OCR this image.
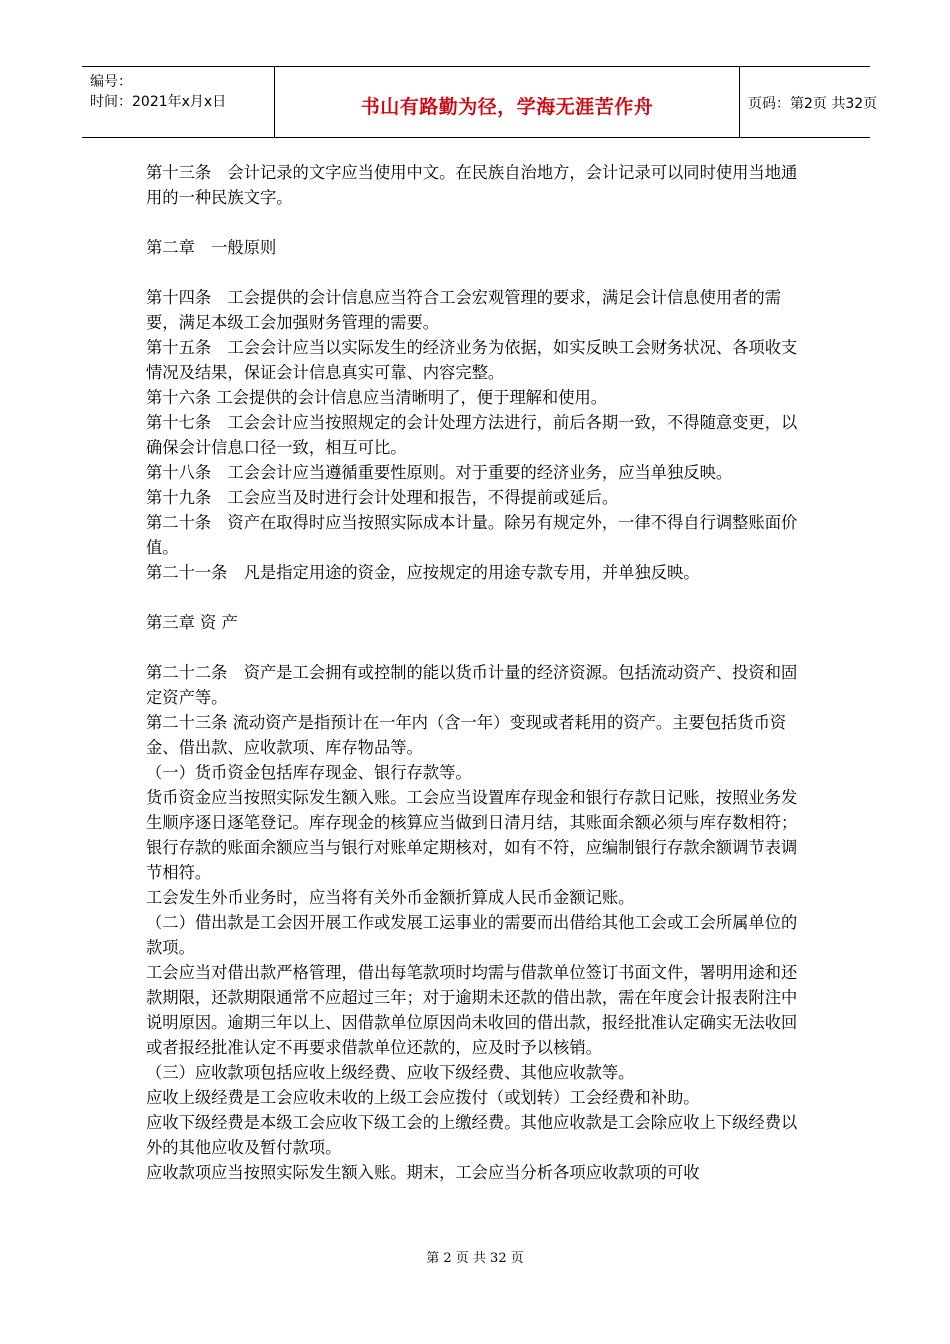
编号：
时间：2021年x月x日	书山有路勤为径，学海无涯苦作舟	页码：第2页 共32页

第十三条　会计记录的文字应当使用中文。在民族自治地方，会计记录可以同时使用当地通用的一种民族文字。

第二章　一般原则

第十四条　工会提供的会计信息应当符合工会宏观管理的要求，满足会计信息使用者的需要，满足本级工会加强财务管理的需要。

第十五条　工会会计应当以实际发生的经济业务为依据，如实反映工会财务状况、各项收支情况及结果，保证会计信息真实可靠、内容完整。

第十六条 工会提供的会计信息应当清晰明了，便于理解和使用。

第十七条　工会会计应当按照规定的会计处理方法进行，前后各期一致，不得随意变更，以确保会计信息口径一致，相互可比。

第十八条　工会会计应当遵循重要性原则。对于重要的经济业务，应当单独反映。

第十九条　工会应当及时进行会计处理和报告，不得提前或延后。

第二十条　资产在取得时应当按照实际成本计量。除另有规定外，一律不得自行调整账面价值。

第二十一条　凡是指定用途的资金，应按规定的用途专款专用，并单独反映。

第三章 资 产

第二十二条　资产是工会拥有或控制的能以货币计量的经济资源。包括流动资产、投资和固定资产等。

第二十三条 流动资产是指预计在一年内（含一年）变现或者耗用的资产。主要包括货币资金、借出款、应收款项、库存物品等。

（一）货币资金包括库存现金、银行存款等。

货币资金应当按照实际发生额入账。工会应当设置库存现金和银行存款日记账，按照业务发生顺序逐日逐笔登记。库存现金的核算应当做到日清月结，其账面余额必须与库存数相符；银行存款的账面余额应当与银行对账单定期核对，如有不符，应编制银行存款余额调节表调节相符。

工会发生外币业务时，应当将有关外币金额折算成人民币金额记账。

（二）借出款是工会因开展工作或发展工运事业的需要而出借给其他工会或工会所属单位的款项。

工会应当对借出款严格管理，借出每笔款项时均需与借款单位签订书面文件，署明用途和还款期限，还款期限通常不应超过三年；对于逾期未还款的借出款，需在年度会计报表附注中说明原因。逾期三年以上、因借款单位原因尚未收回的借出款，报经批准认定确实无法收回或者报经批准认定不再要求借款单位还款的，应及时予以核销。

（三）应收款项包括应收上级经费、应收下级经费、其他应收款等。

应收上级经费是工会应收未收的上级工会应拨付（或划转）工会经费和补助。

应收下级经费是本级工会应收下级工会的上缴经费。其他应收款是工会除应收上下级经费以外的其他应收及暂付款项。

应收款项应当按照实际发生额入账。期末，工会应当分析各项应收款项的可收

第 2 页 共 32 页
